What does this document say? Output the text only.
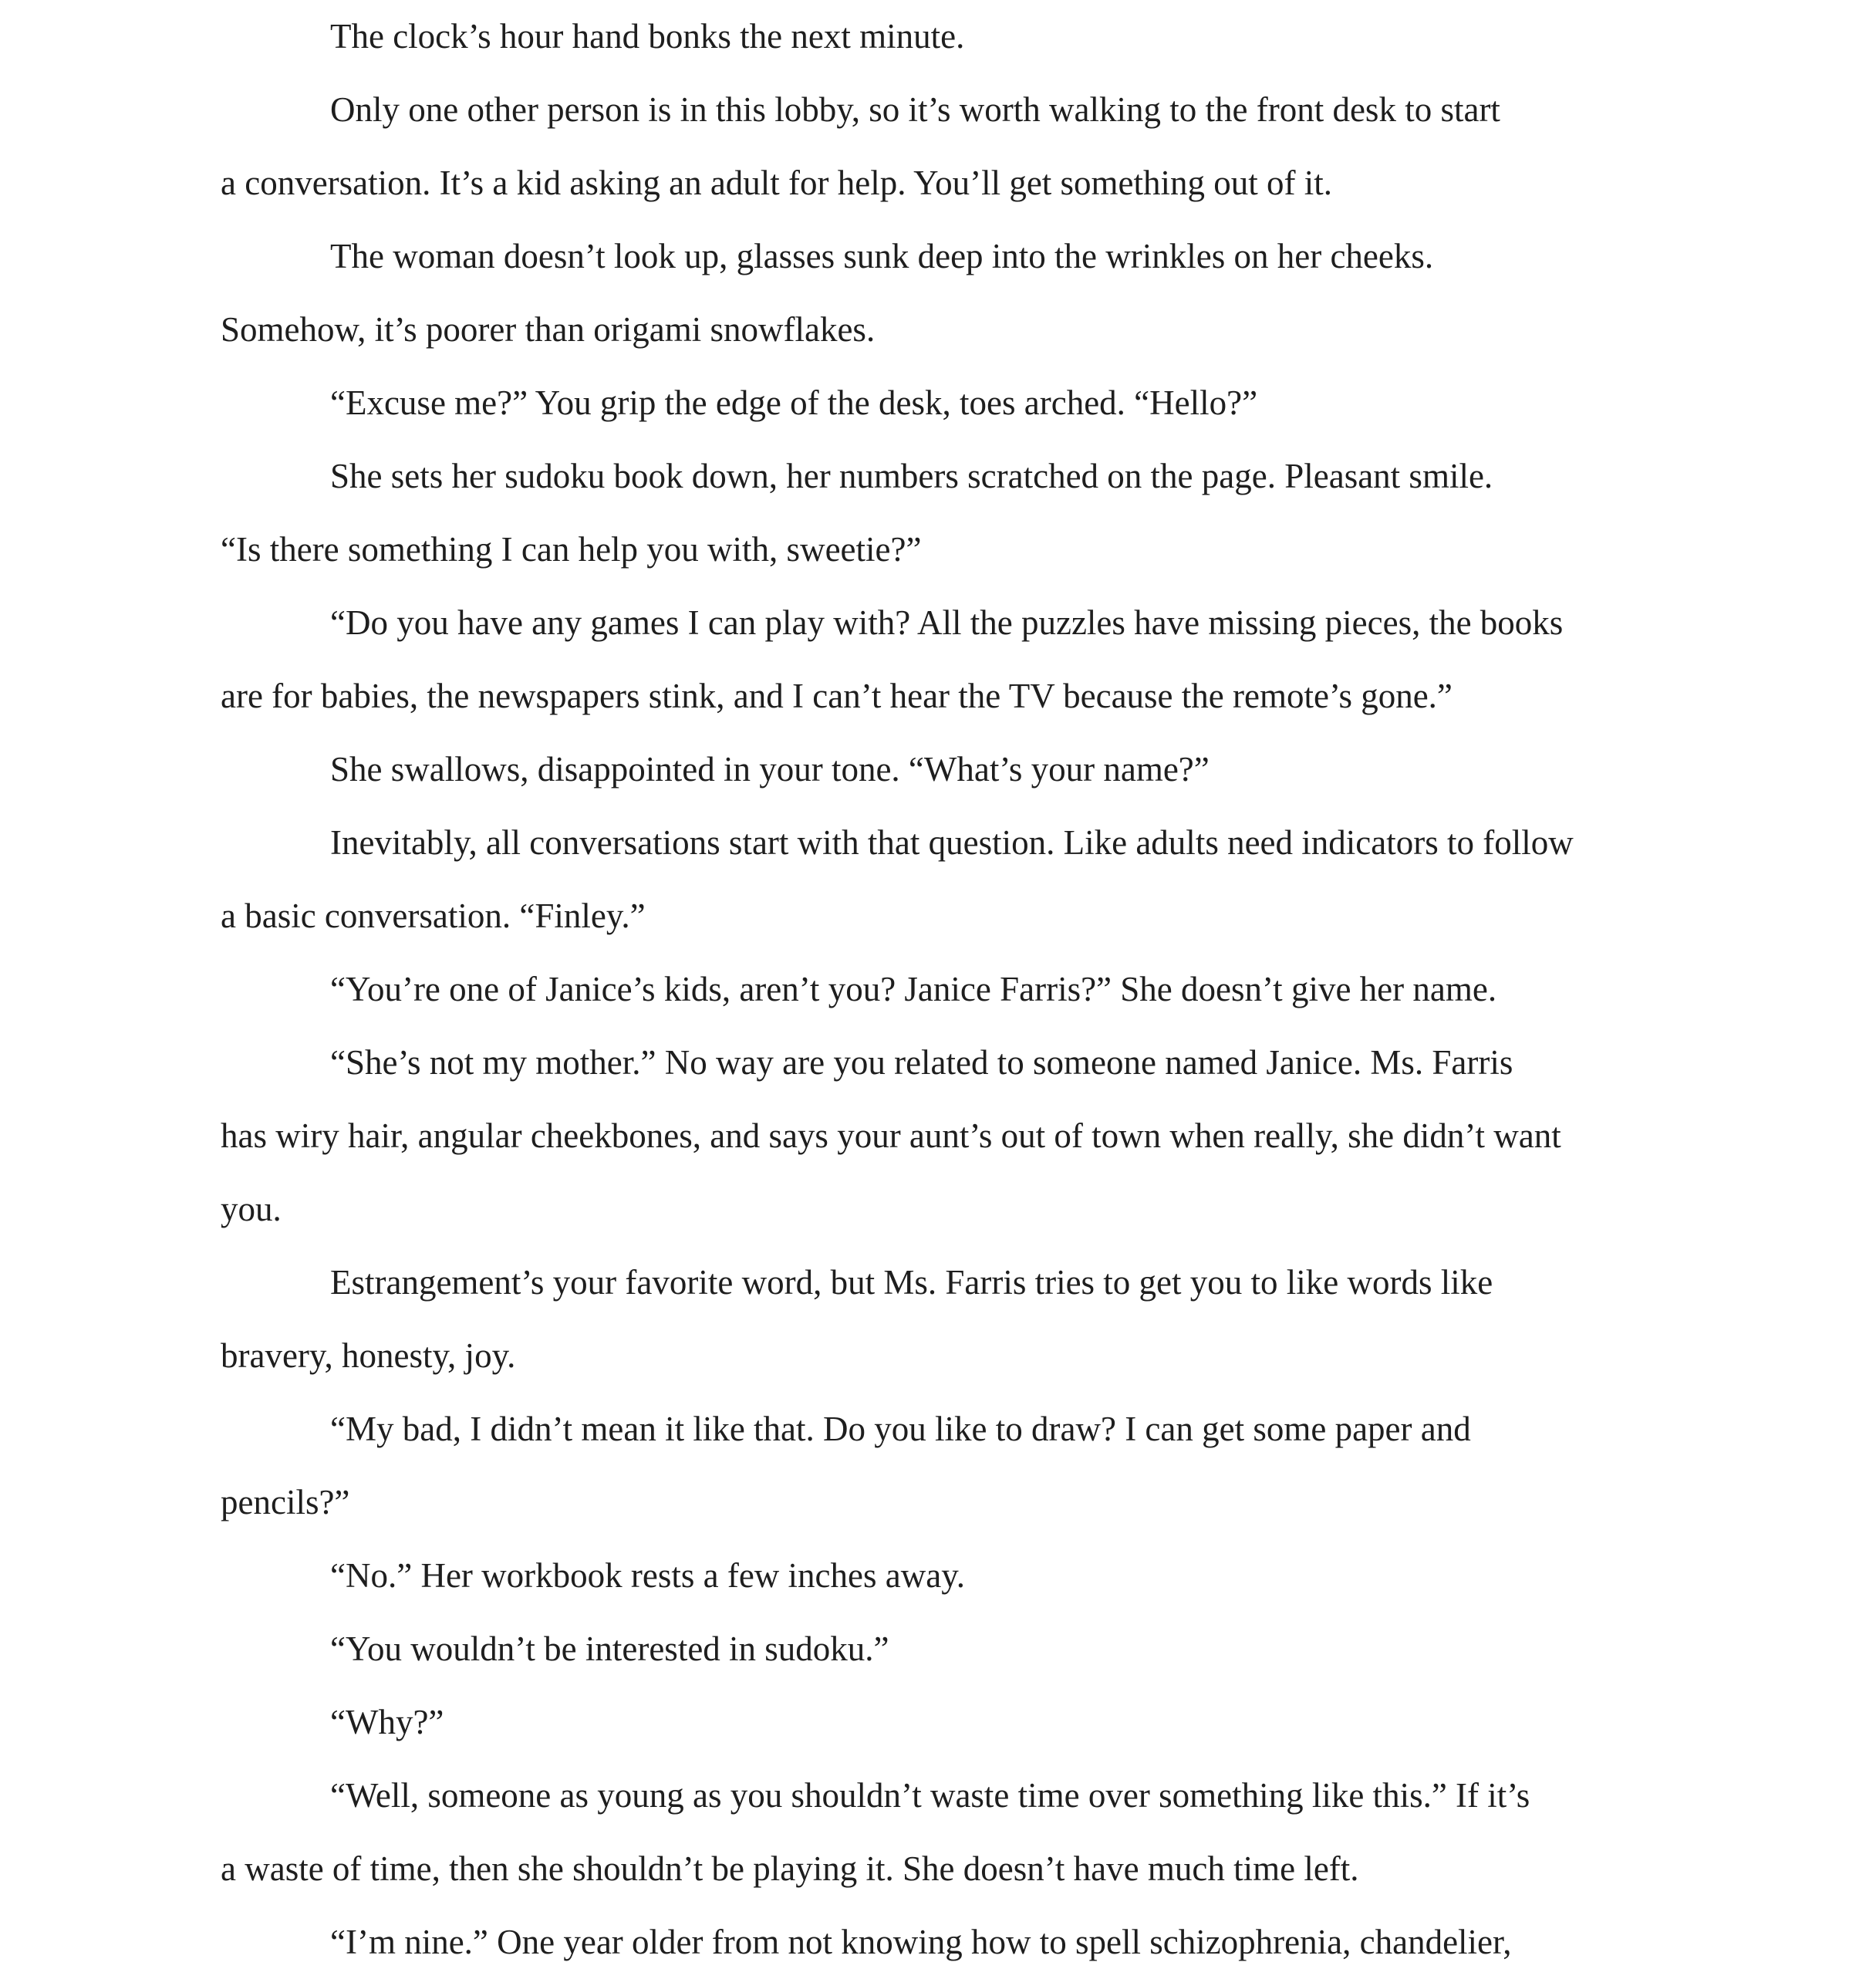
The clock’s hour hand bonks the next minute.
Only one other person is in this lobby, so it’s worth walking to the front desk to start
a conversation. It’s a kid asking an adult for help. You’ll get something out of it.
The woman doesn’t look up, glasses sunk deep into the wrinkles on her cheeks.
Somehow, it’s poorer than origami snowflakes.
“Excuse me?” You grip the edge of the desk, toes arched. “Hello?”
She sets her sudoku book down, her numbers scratched on the page. Pleasant smile.
“Is there something I can help you with, sweetie?”
“Do you have any games I can play with? All the puzzles have missing pieces, the books
are for babies, the newspapers stink, and I can’t hear the TV because the remote’s gone.”
She swallows, disappointed in your tone. “What’s your name?”
Inevitably, all conversations start with that question. Like adults need indicators to follow
a basic conversation. “Finley.”
“You’re one of Janice’s kids, aren’t you? Janice Farris?” She doesn’t give her name.
“She’s not my mother.” No way are you related to someone named Janice. Ms. Farris
has wiry hair, angular cheekbones, and says your aunt’s out of town when really, she didn’t want
you.
Estrangement’s your favorite word, but Ms. Farris tries to get you to like words like
bravery, honesty, joy.
“My bad, I didn’t mean it like that. Do you like to draw? I can get some paper and
pencils?”
“No.” Her workbook rests a few inches away.
“You wouldn’t be interested in sudoku.”
“Why?”
“Well, someone as young as you shouldn’t waste time over something like this.” If it’s
a waste of time, then she shouldn’t be playing it. She doesn’t have much time left.
“I’m nine.” One year older from not knowing how to spell schizophrenia, chandelier,
